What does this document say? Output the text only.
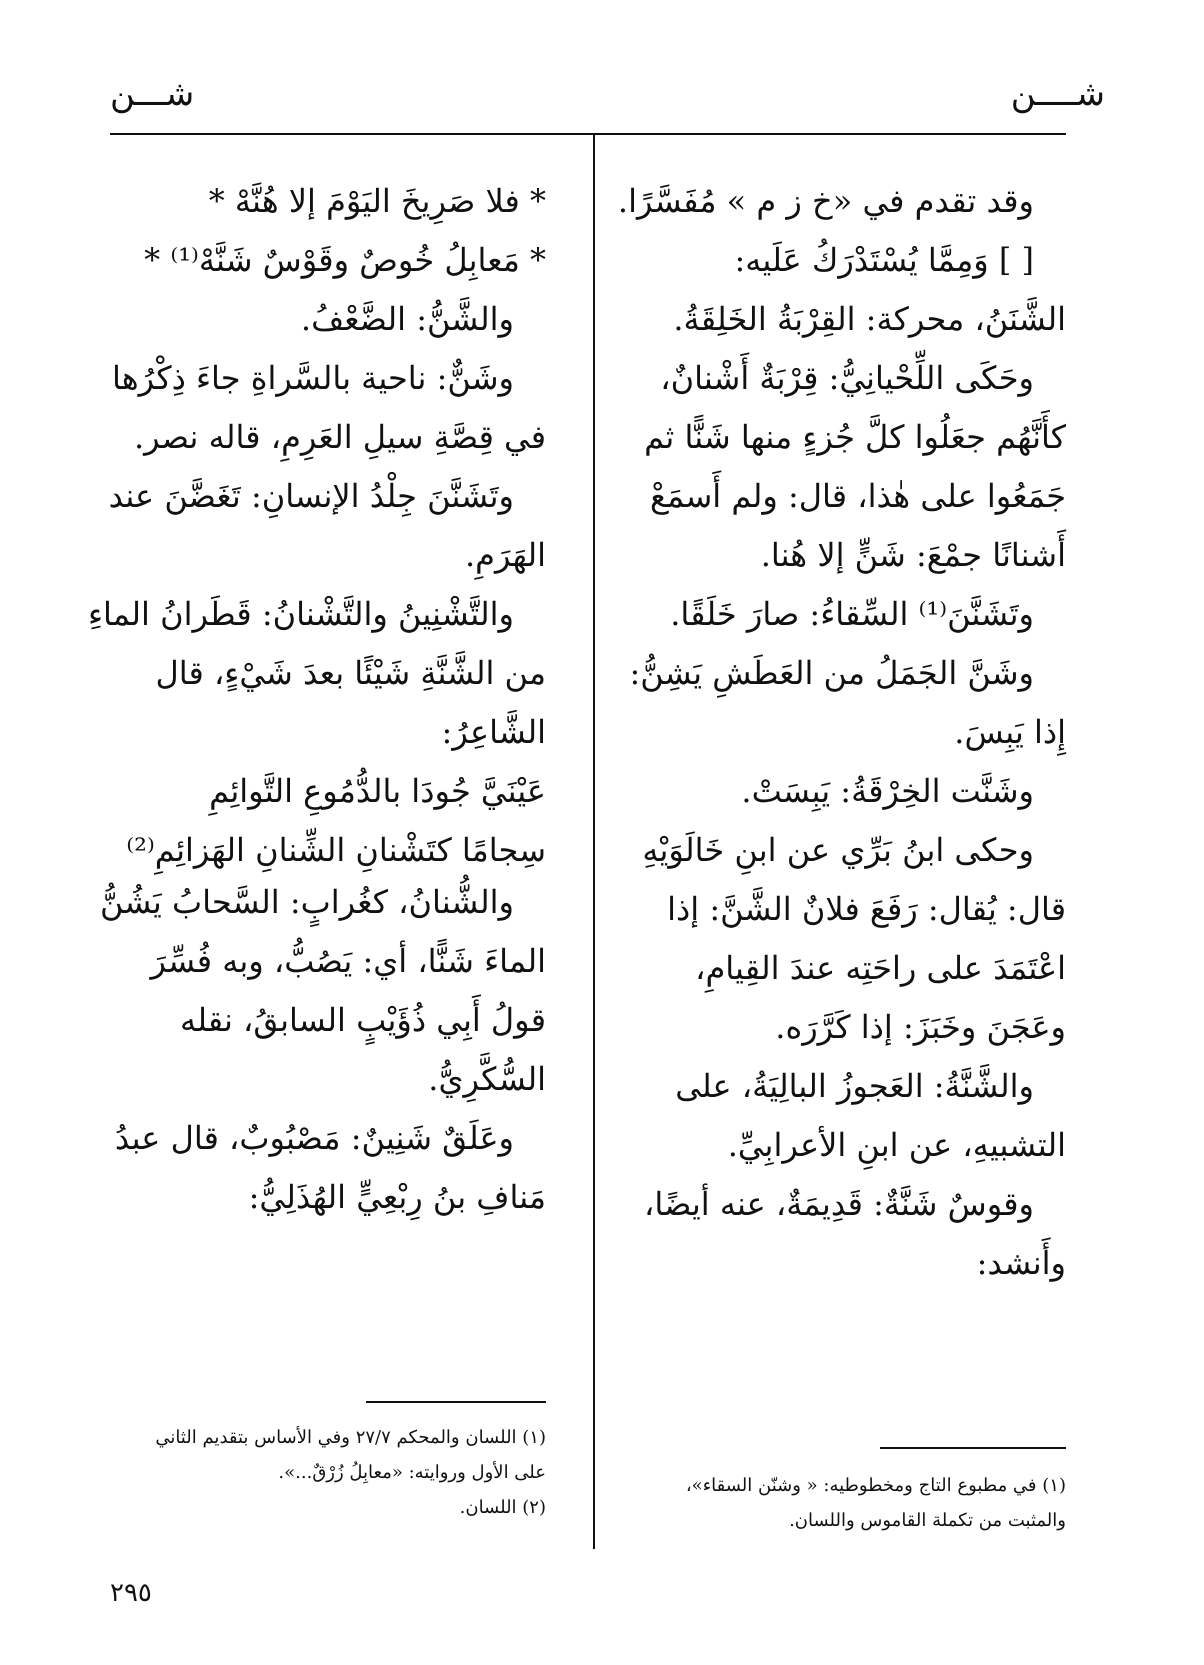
شــــن
شـــن
وقد تقدم في «خ ز م » مُفَسَّرًا.
[ ] وَمِمَّا يُسْتَدْرَكُ عَلَيه:
الشَّنَنُ، محركة: القِرْبَةُ الخَلِقَةُ.
وحَكَى اللِّحْيانِيُّ: قِرْبَةٌ أَشْنانٌ،
كأَنَّهُم جعَلُوا كلَّ جُزءٍ منها شَنًّا ثم
جَمَعُوا على هٰذا، قال: ولم أَسمَعْ
أَشنانًا جمْعَ: شَنٍّ إلا هُنا.
وتَشَنَّنَ⁽¹⁾ السِّقاءُ: صارَ خَلَقًا.
وشَنَّ الجَمَلُ من العَطَشِ يَشِنُّ:
إِذا يَبِسَ.
وشَنَّت الخِرْقَةُ: يَبِسَتْ.
وحكى ابنُ بَرِّي عن ابنِ خَالَوَيْهِ
قال: يُقال: رَفَعَ فلانٌ الشَّنَّ: إذا
اعْتَمَدَ على راحَتِه عندَ القِيامِ،
وعَجَنَ وخَبَزَ: إذا كَرَّرَه.
والشَّنَّةُ: العَجوزُ البالِيَةُ، على
التشبيهِ، عن ابنِ الأعرابِيِّ.
وقوسٌ شَنَّةٌ: قَدِيمَةٌ، عنه أيضًا،
وأَنشد:
(١) في مطبوع التاج ومخطوطيه: « وشنّن السقاء»،
والمثبت من تكملة القاموس واللسان.
* فلا صَرِيخَ اليَوْمَ إلا هُنَّهْ *
* مَعابِلُ خُوصٌ وقَوْسٌ شَنَّهْ⁽¹⁾ *
والشَّنُّ: الضَّعْفُ.
وشَنٌّ: ناحية بالسَّراةِ جاءَ ذِكْرُها
في قِصَّةِ سيلِ العَرِمِ، قاله نصر.
وتَشَنَّنَ جِلْدُ الإنسانِ: تَغَضَّنَ عند
الهَرَمِ.
والتَّشْنِينُ والتَّشْنانُ: قَطَرانُ الماءِ
من الشَّنَّةِ شَيْئًا بعدَ شَيْءٍ، قال
الشَّاعِرُ:
عَيْنَيَّ جُودَا بالدُّمُوعِ التَّوائِمِ
سِجامًا كتَشْنانِ الشِّنانِ الهَزائِمِ⁽²⁾
والشُّنانُ، كغُرابٍ: السَّحابُ يَشُنُّ
الماءَ شَنًّا، أي: يَصُبُّ، وبه فُسِّرَ
قولُ أَبِي ذُؤَيْبٍ السابقُ، نقله
السُّكَّرِيُّ.
وعَلَقٌ شَنِينٌ: مَصْبُوبٌ، قال عبدُ
مَنافِ بنُ رِبْعِيٍّ الهُذَلِيُّ:
(١) اللسان والمحكم ٢٧/٧ وفي الأساس بتقديم الثاني
على الأول وروايته: «معابِلُ زُرْقٌ...».
(٢) اللسان.
٢٩٥
